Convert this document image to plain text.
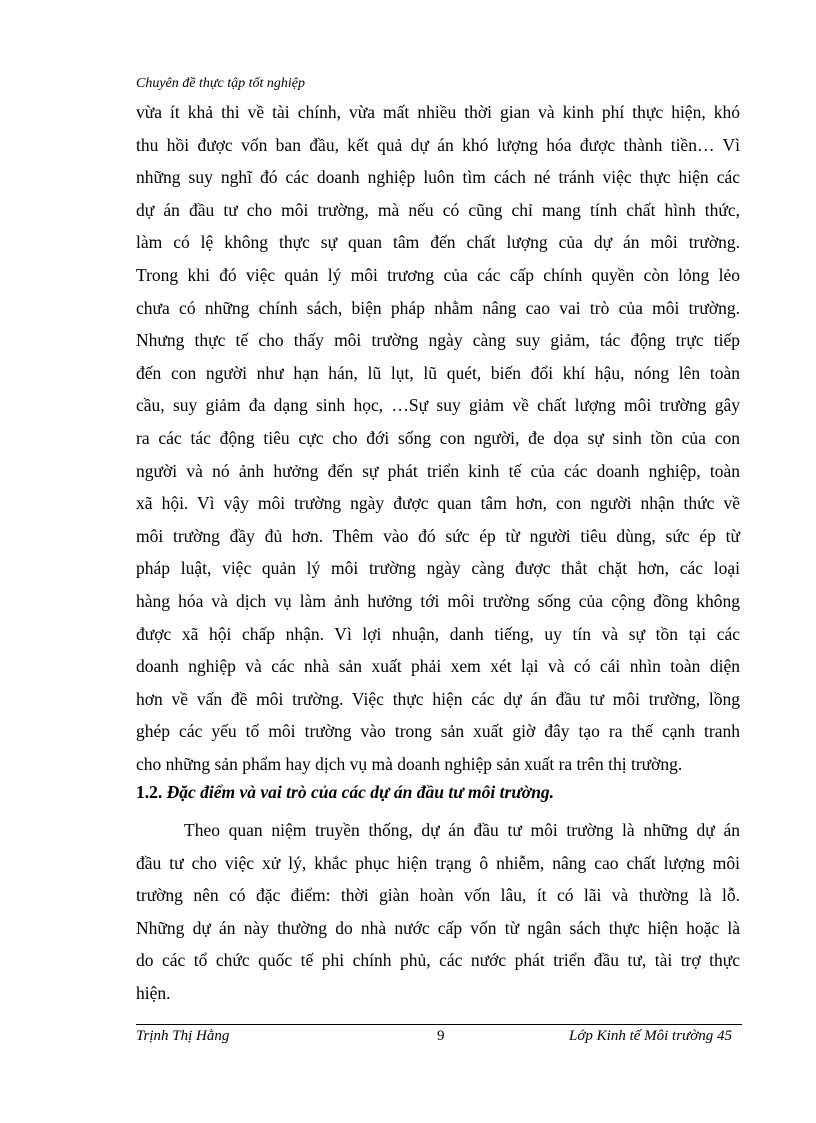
Chuyên đề thực tập tốt nghiệp
vừa ít khả thi về tài chính, vừa mất nhiều thời gian và kinh phí thực hiện, khó
thu hồi được vốn ban đầu, kết quả dự án khó lượng hóa được thành tiền… Vì
những suy nghĩ đó các doanh nghiệp luôn tìm cách né tránh việc thực hiện các
dự án đầu tư cho môi trường, mà nếu có cũng chỉ mang tính chất hình thức,
làm có lệ không thực sự quan tâm đến chất lượng của dự án môi trường.
Trong khi đó việc quản lý môi trương của các cấp chính quyền còn lỏng lẻo
chưa có những chính sách, biện pháp nhằm nâng cao vai trò của môi trường.
Nhưng thực tế cho thấy môi trường ngày càng suy giảm, tác động trực tiếp
đến con người như hạn hán, lũ lụt, lũ quét, biến đổi khí hậu, nóng lên toàn
cầu, suy giảm đa dạng sinh học, …Sự suy giảm về chất lượng môi trường gây
ra các tác động tiêu cực cho đới sống con người, đe dọa sự sinh tồn của con
người và nó ảnh hưởng đến sự phát triển kinh tế của các doanh nghiệp, toàn
xã hội. Vì vậy môi trường ngày được quan tâm hơn, con người nhận thức về
môi trường đầy đủ hơn. Thêm vào đó sức ép từ người tiêu dùng, sức ép từ
pháp luật, việc quản lý môi trường ngày càng được thắt chặt hơn, các loại
hàng hóa và dịch vụ làm ảnh hưởng tới môi trường sống của cộng đồng không
được xã hội chấp nhận. Vì lợi nhuận, danh tiếng, uy tín và sự tồn tại các
doanh nghiệp và các nhà sản xuất phải xem xét lại và có cái nhìn toàn diện
hơn về vấn đề môi trường. Việc thực hiện các dự án đầu tư môi trường, lồng
ghép các yếu tố môi trường vào trong sản xuất giờ đây tạo ra thế cạnh tranh
cho những sản phẩm hay dịch vụ mà doanh nghiệp sản xuất ra trên thị trường.
1.2. Đặc điểm và vai trò của các dự án đầu tư môi trường.
Theo quan niệm truyền thống, dự án đầu tư môi trường là những dự án
đầu tư cho việc xử lý, khắc phục hiện trạng ô nhiễm, nâng cao chất lượng môi
trường nên có đặc điểm: thời giàn hoàn vốn lâu, ít có lãi và thường là lỗ.
Những dự án này thường do nhà nước cấp vốn từ ngân sách thực hiện hoặc là
do các tổ chức quốc tế phi chính phủ, các nước phát triển đầu tư, tài trợ thực
hiện.
Trịnh Thị Hằng	9	Lớp Kinh tế Môi trường 45
